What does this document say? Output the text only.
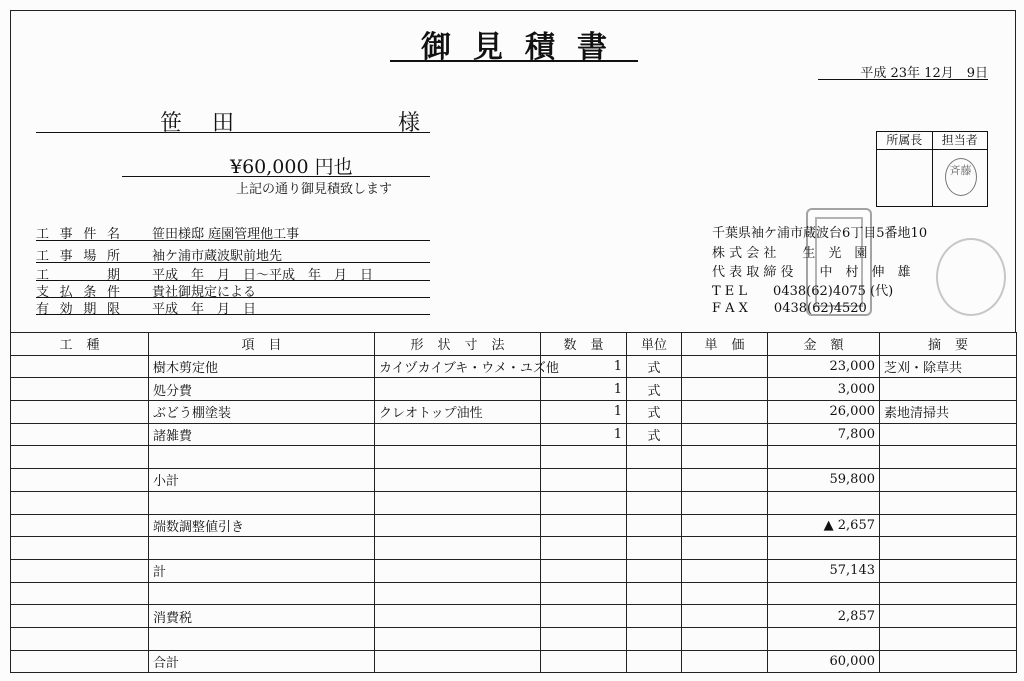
御見積書
平成 23年 12月　9日
笹田	様
¥60,000 円也
上記の通り御見積致します
所属長	担当者
斉藤
工事件名 笹田様邸 庭園管理他工事
工事場所 袖ケ浦市蔵波駅前地先
工期 平成　年　月　日～平成　年　月　日
支払条件 貴社御規定による
有効期限 平成　年　月　日
千葉県袖ケ浦市蔵波台6丁目5番地10
株 式 会 社　　生　光　園
代 表 取 締 役　　中　村　伸　雄
T E L　　0438(62)4075 (代)
F A X　　0438(62)4520
工種	項目	形状寸法	数量	単位	単価	金額	摘要
	樹木剪定他	カイヅカイブキ・ウメ・ユズ他	1	式		23,000	芝刈・除草共
	処分費		1	式		3,000	
	ぶどう棚塗装	クレオトップ油性	1	式		26,000	素地清掃共
	諸雑費		1	式		7,800	

	小計					59,800	

	端数調整値引き					▲ 2,657	

	計					57,143	

	消費税					2,857	

	合計					60,000	
